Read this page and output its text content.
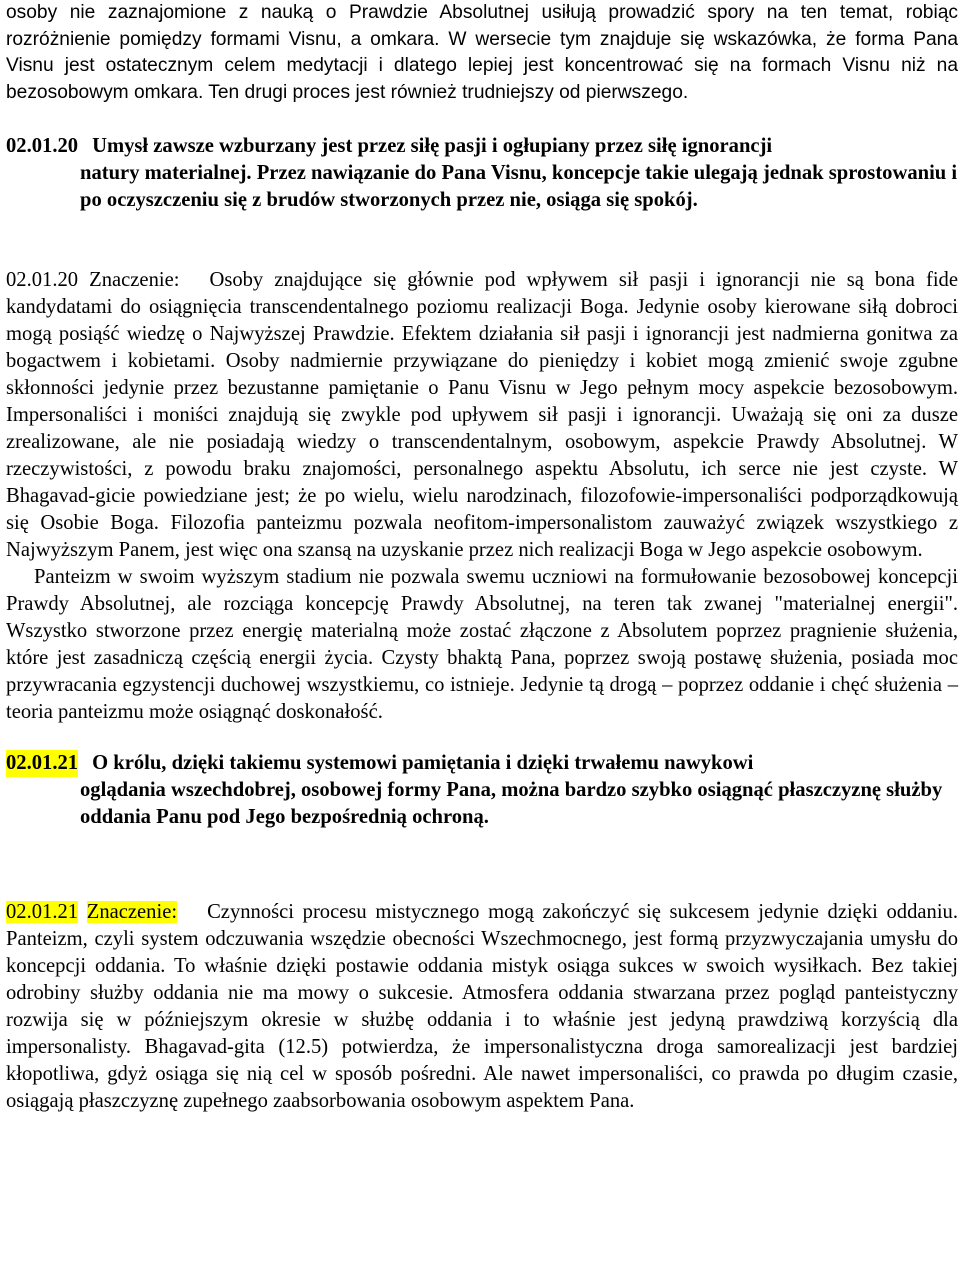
osoby nie zaznajomione z nauką o Prawdzie Absolutnej usiłują prowadzić spory na ten temat, robiąc rozróżnienie pomiędzy formami Visnu, a omkara. W wersecie tym znajduje się wskazówka, że forma Pana Visnu jest ostatecznym celem medytacji i dlatego lepiej jest koncentrować się na formach Visnu niż na bezosobowym omkara. Ten drugi proces jest również trudniejszy od pierwszego.

02.01.20 Umysł zawsze wzburzany jest przez siłę pasji i ogłupiany przez siłę ignorancji

natury materialnej. Przez nawiązanie do Pana Visnu, koncepcje takie ulegają jednak sprostowaniu i po oczyszczeniu się z brudów stworzonych przez nie, osiąga się spokój.

02.01.20 Znaczenie: Osoby znajdujące się głównie pod wpływem sił pasji i ignorancji nie są bona fide kandydatami do osiągnięcia transcendentalnego poziomu realizacji Boga. Jedynie osoby kierowane siłą dobroci mogą posiąść wiedzę o Najwyższej Prawdzie. Efektem działania sił pasji i ignorancji jest nadmierna gonitwa za bogactwem i kobietami. Osoby nadmiernie przywiązane do pieniędzy i kobiet mogą zmienić swoje zgubne skłonności jedynie przez bezustanne pamiętanie o Panu Visnu w Jego pełnym mocy aspekcie bezosobowym. Impersonaliści i moniści znajdują się zwykle pod upływem sił pasji i ignorancji. Uważają się oni za dusze zrealizowane, ale nie posiadają wiedzy o transcendentalnym, osobowym, aspekcie Prawdy Absolutnej. W rzeczywistości, z powodu braku znajomości, personalnego aspektu Absolutu, ich serce nie jest czyste. W Bhagavad-gicie powiedziane jest; że po wielu, wielu narodzinach, filozofowie-impersonaliści podporządkowują się Osobie Boga. Filozofia panteizmu pozwala neofitom-impersonalistom zauważyć związek wszystkiego z Najwyższym Panem, jest więc ona szansą na uzyskanie przez nich realizacji Boga w Jego aspekcie osobowym.

Panteizm w swoim wyższym stadium nie pozwala swemu uczniowi na formułowanie bezosobowej koncepcji Prawdy Absolutnej, ale rozciąga koncepcję Prawdy Absolutnej, na teren tak zwanej "materialnej energii". Wszystko stworzone przez energię materialną może zostać złączone z Absolutem poprzez pragnienie służenia, które jest zasadniczą częścią energii życia. Czysty bhaktą Pana, poprzez swoją postawę służenia, posiada moc przywracania egzystencji duchowej wszystkiemu, co istnieje. Jedynie tą drogą – poprzez oddanie i chęć służenia – teoria panteizmu może osiągnąć doskonałość.

02.01.21 O królu, dzięki takiemu systemowi pamiętania i dzięki trwałemu nawykowi

oglądania wszechdobrej, osobowej formy Pana, można bardzo szybko osiągnąć płaszczyznę służby oddania Panu pod Jego bezpośrednią ochroną.

02.01.21 Znaczenie: Czynności procesu mistycznego mogą zakończyć się sukcesem jedynie dzięki oddaniu. Panteizm, czyli system odczuwania wszędzie obecności Wszechmocnego, jest formą przyzwyczajania umysłu do koncepcji oddania. To właśnie dzięki postawie oddania mistyk osiąga sukces w swoich wysiłkach. Bez takiej odrobiny służby oddania nie ma mowy o sukcesie. Atmosfera oddania stwarzana przez pogląd panteistyczny rozwija się w późniejszym okresie w służbę oddania i to właśnie jest jedyną prawdziwą korzyścią dla impersonalisty. Bhagavad-gita (12.5) potwierdza, że impersonalistyczna droga samorealizacji jest bardziej kłopotliwa, gdyż osiąga się nią cel w sposób pośredni. Ale nawet impersonaliści, co prawda po długim czasie, osiągają płaszczyznę zupełnego zaabsorbowania osobowym aspektem Pana.
